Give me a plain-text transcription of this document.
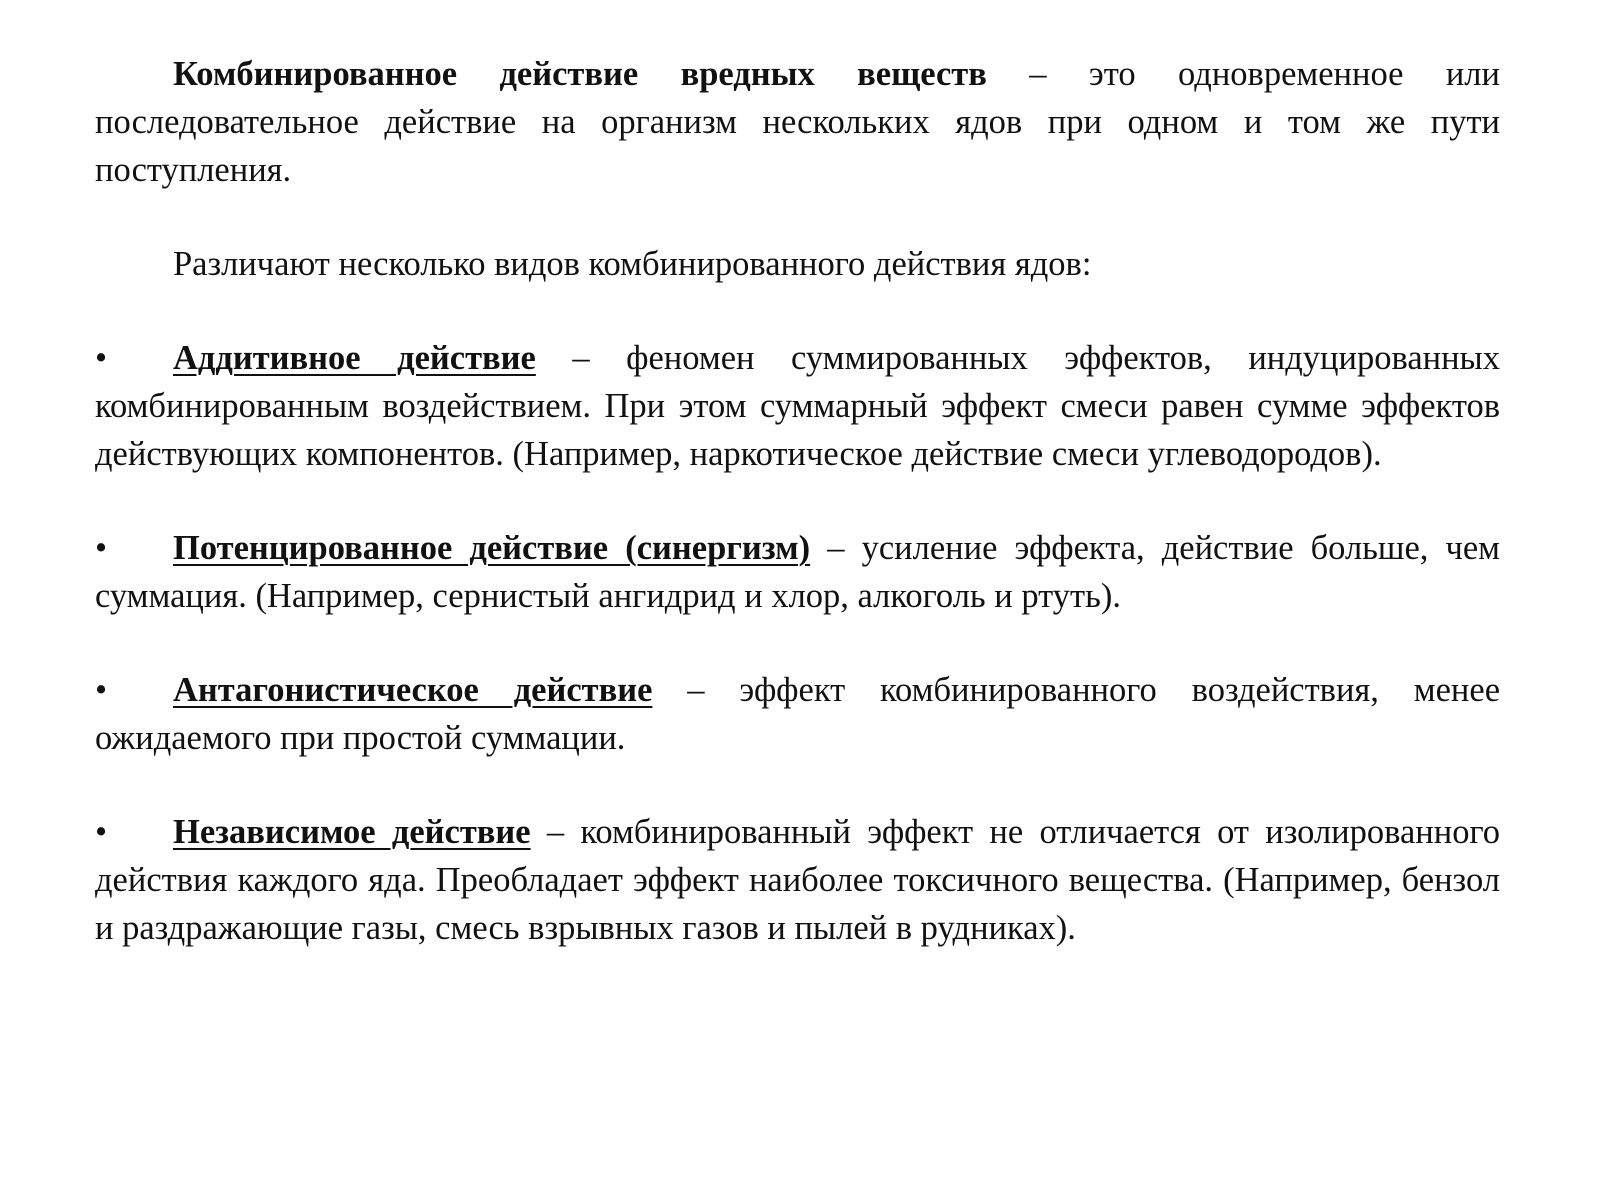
Комбинированное действие вредных веществ – это одновременное или последовательное действие на организм нескольких ядов при одном и том же пути поступления.

Различают несколько видов комбинированного действия ядов:

• Аддитивное действие – феномен суммированных эффектов, индуцированных комбинированным воздействием. При этом суммарный эффект смеси равен сумме эффектов действующих компонентов. (Например, наркотическое действие смеси углеводородов).

• Потенцированное действие (синергизм) – усиление эффекта, действие больше, чем суммация. (Например, сернистый ангидрид и хлор, алкоголь и ртуть).

• Антагонистическое действие – эффект комбинированного воздействия, менее ожидаемого при простой суммации.

• Независимое действие – комбинированный эффект не отличается от изолированного действия каждого яда. Преобладает эффект наиболее токсичного вещества. (Например, бензол и раздражающие газы, смесь взрывных газов и пылей в рудниках).
